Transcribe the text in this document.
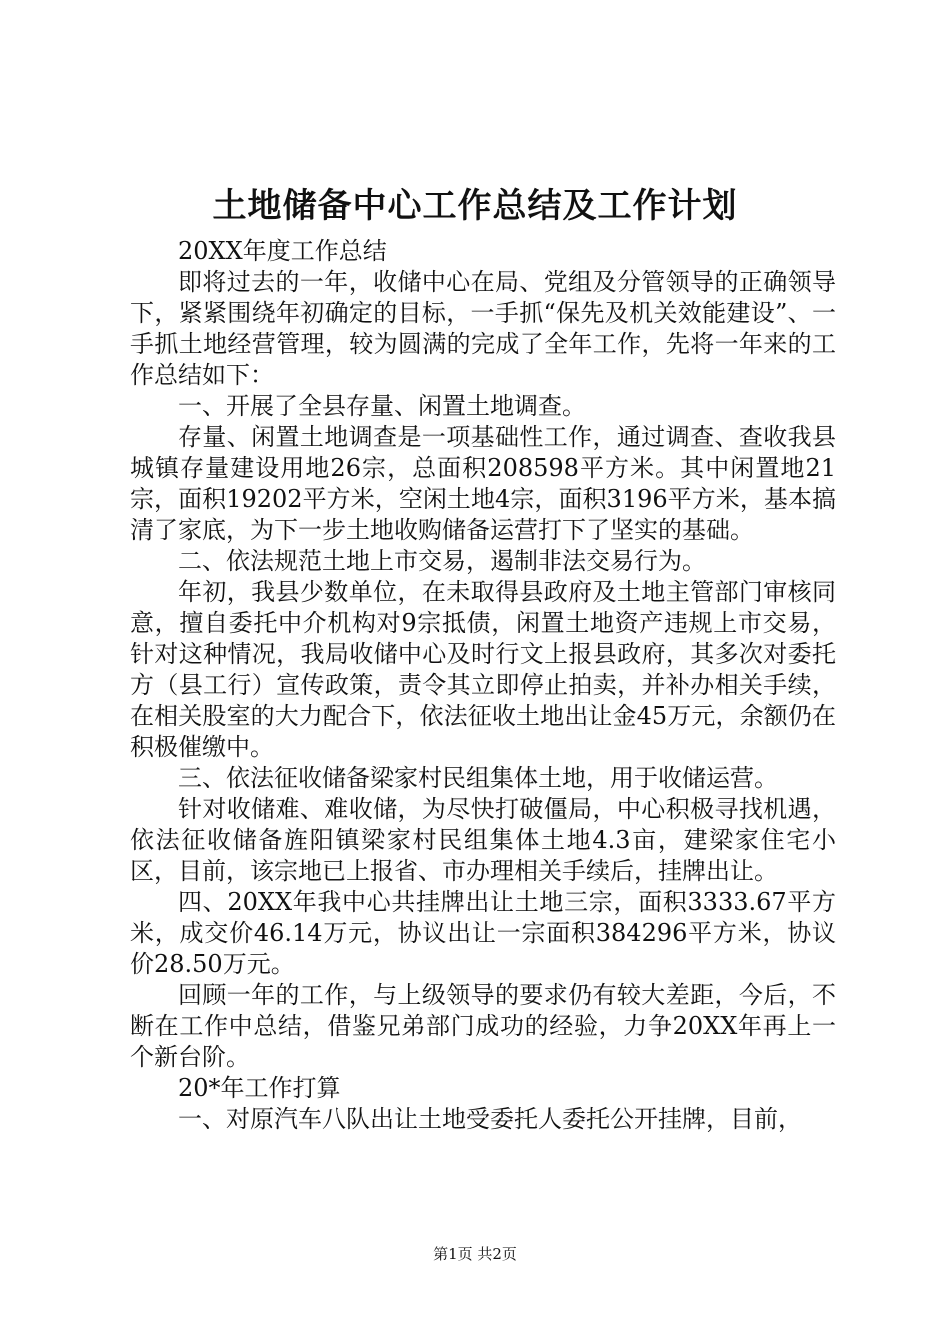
土地储备中心工作总结及工作计划

20XX年度工作总结

即将过去的一年，收储中心在局、党组及分管领导的正确领导下，紧紧围绕年初确定的目标，一手抓“保先及机关效能建设”、一手抓土地经营管理，较为圆满的完成了全年工作，先将一年来的工作总结如下：

一、开展了全县存量、闲置土地调查。

存量、闲置土地调查是一项基础性工作，通过调查、查收我县城镇存量建设用地26宗，总面积208598平方米。其中闲置地21宗，面积19202平方米，空闲土地4宗，面积3196平方米，基本搞清了家底，为下一步土地收购储备运营打下了坚实的基础。

二、依法规范土地上市交易，遏制非法交易行为。

年初，我县少数单位，在未取得县政府及土地主管部门审核同意，擅自委托中介机构对9宗抵债，闲置土地资产违规上市交易，针对这种情况，我局收储中心及时行文上报县政府，其多次对委托方（县工行）宣传政策，责令其立即停止拍卖，并补办相关手续，在相关股室的大力配合下，依法征收土地出让金45万元，余额仍在积极催缴中。

三、依法征收储备梁家村民组集体土地，用于收储运营。

针对收储难、难收储，为尽快打破僵局，中心积极寻找机遇，依法征收储备旌阳镇梁家村民组集体土地4.3亩，建梁家住宅小区，目前，该宗地已上报省、市办理相关手续后，挂牌出让。

四、20XX年我中心共挂牌出让土地三宗，面积3333.67平方米，成交价46.14万元，协议出让一宗面积384296平方米，协议价28.50万元。

回顾一年的工作，与上级领导的要求仍有较大差距，今后，不断在工作中总结，借鉴兄弟部门成功的经验，力争20XX年再上一个新台阶。

20*年工作打算

一、对原汽车八队出让土地受委托人委托公开挂牌，目前，

第1页 共2页
